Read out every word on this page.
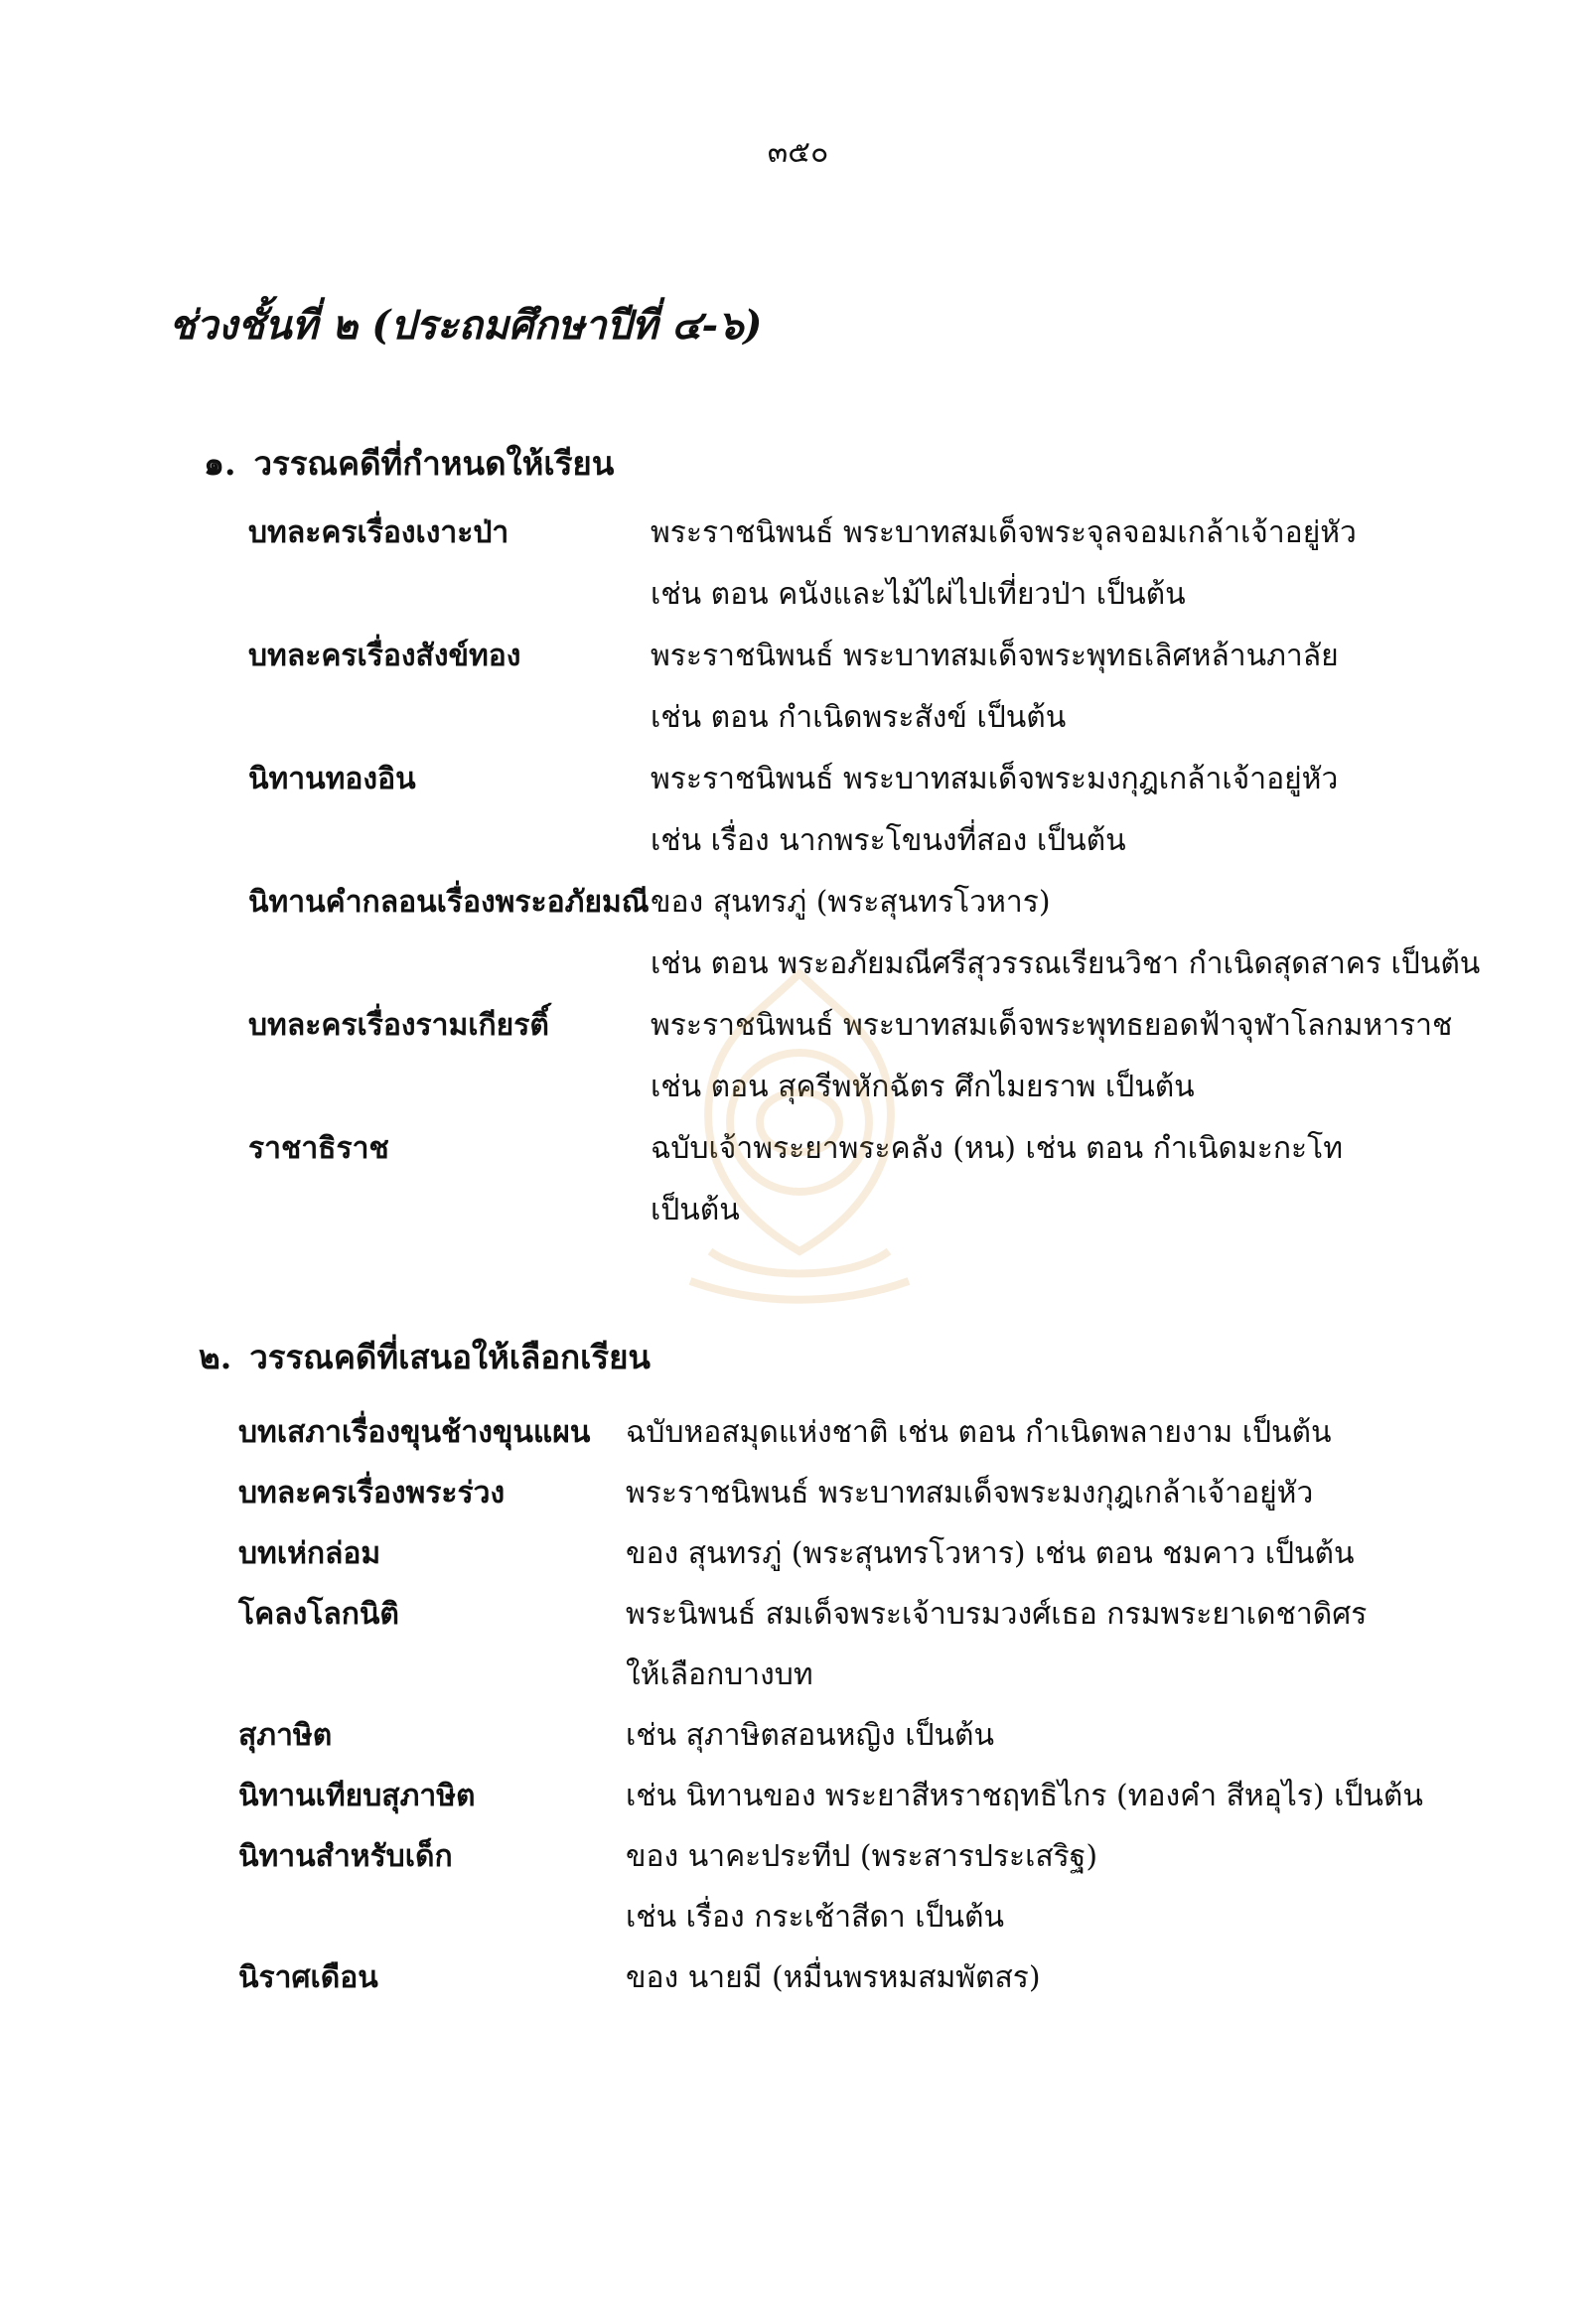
๓๕๐
ช่วงชั้นที่ ๒ (ประถมศึกษาปีที่ ๔-๖)
๑. วรรณคดีที่กำหนดให้เรียน
บทละครเรื่องเงาะป่า	พระราชนิพนธ์ พระบาทสมเด็จพระจุลจอมเกล้าเจ้าอยู่หัว
เช่น ตอน คนังและไม้ไผ่ไปเที่ยวป่า เป็นต้น
บทละครเรื่องสังข์ทอง	พระราชนิพนธ์ พระบาทสมเด็จพระพุทธเลิศหล้านภาลัย
เช่น ตอน กำเนิดพระสังข์ เป็นต้น
นิทานทองอิน	พระราชนิพนธ์ พระบาทสมเด็จพระมงกุฎเกล้าเจ้าอยู่หัว
เช่น เรื่อง นากพระโขนงที่สอง เป็นต้น
นิทานคำกลอนเรื่องพระอภัยมณี ของ สุนทรภู่ (พระสุนทรโวหาร)
เช่น ตอน พระอภัยมณีศรีสุวรรณเรียนวิชา กำเนิดสุดสาคร เป็นต้น
บทละครเรื่องรามเกียรติ์	พระราชนิพนธ์ พระบาทสมเด็จพระพุทธยอดฟ้าจุฬาโลกมหาราช
เช่น ตอน สุครีพหักฉัตร ศึกไมยราพ เป็นต้น
ราชาธิราช	ฉบับเจ้าพระยาพระคลัง (หน) เช่น ตอน กำเนิดมะกะโท
เป็นต้น
๒. วรรณคดีที่เสนอให้เลือกเรียน
บทเสภาเรื่องขุนช้างขุนแผน	ฉบับหอสมุดแห่งชาติ เช่น ตอน กำเนิดพลายงาม เป็นต้น
บทละครเรื่องพระร่วง	พระราชนิพนธ์ พระบาทสมเด็จพระมงกุฎเกล้าเจ้าอยู่หัว
บทเห่กล่อม	ของ สุนทรภู่ (พระสุนทรโวหาร) เช่น ตอน ชมคาว เป็นต้น
โคลงโลกนิติ	พระนิพนธ์ สมเด็จพระเจ้าบรมวงศ์เธอ กรมพระยาเดชาดิศร
ให้เลือกบางบท
สุภาษิต	เช่น สุภาษิตสอนหญิง เป็นต้น
นิทานเทียบสุภาษิต	เช่น นิทานของ พระยาสีหราชฤทธิไกร (ทองคำ สีหอุไร) เป็นต้น
นิทานสำหรับเด็ก	ของ นาคะประทีป (พระสารประเสริฐ)
เช่น เรื่อง กระเช้าสีดา เป็นต้น
นิราศเดือน	ของ นายมี (หมื่นพรหมสมพัตสร)
